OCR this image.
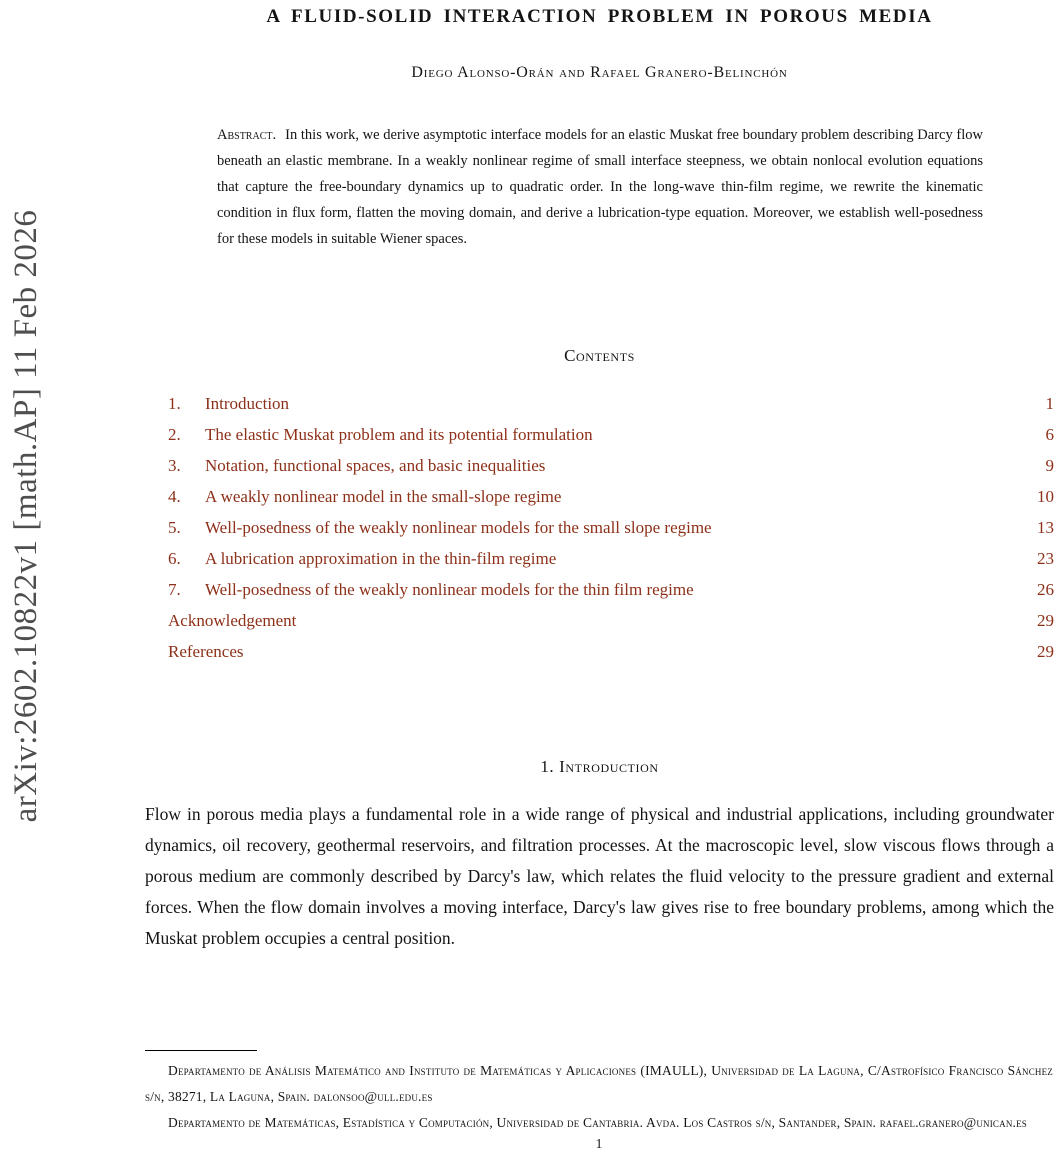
arXiv:2602.10822v1 [math.AP] 11 Feb 2026
A FLUID-SOLID INTERACTION PROBLEM IN POROUS MEDIA
Diego Alonso-Orán and Rafael Granero-Belinchón
Abstract. In this work, we derive asymptotic interface models for an elastic Muskat free boundary problem describing Darcy flow beneath an elastic membrane. In a weakly nonlinear regime of small interface steepness, we obtain nonlocal evolution equations that capture the free-boundary dynamics up to quadratic order. In the long-wave thin-film regime, we rewrite the kinematic condition in flux form, flatten the moving domain, and derive a lubrication-type equation. Moreover, we establish well-posedness for these models in suitable Wiener spaces.
Contents
1.	Introduction	1
2.	The elastic Muskat problem and its potential formulation	6
3.	Notation, functional spaces, and basic inequalities	9
4.	A weakly nonlinear model in the small-slope regime	10
5.	Well-posedness of the weakly nonlinear models for the small slope regime	13
6.	A lubrication approximation in the thin-film regime	23
7.	Well-posedness of the weakly nonlinear models for the thin film regime	26
Acknowledgement	29
References	29
1. Introduction

Flow in porous media plays a fundamental role in a wide range of physical and industrial applications, including groundwater dynamics, oil recovery, geothermal reservoirs, and filtration processes. At the macroscopic level, slow viscous flows through a porous medium are commonly described by Darcy's law, which relates the fluid velocity to the pressure gradient and external forces. When the flow domain involves a moving interface, Darcy's law gives rise to free boundary problems, among which the Muskat problem occupies a central position.

Departamento de Análisis Matemático and Instituto de Matemáticas y Aplicaciones (IMAULL), Universidad de La Laguna, C/Astrofísico Francisco Sánchez s/n, 38271, La Laguna, Spain. dalonsoo@ull.edu.es

Departamento de Matemáticas, Estadística y Computación, Universidad de Cantabria. Avda. Los Castros s/n, Santander, Spain. rafael.granero@unican.es

1
